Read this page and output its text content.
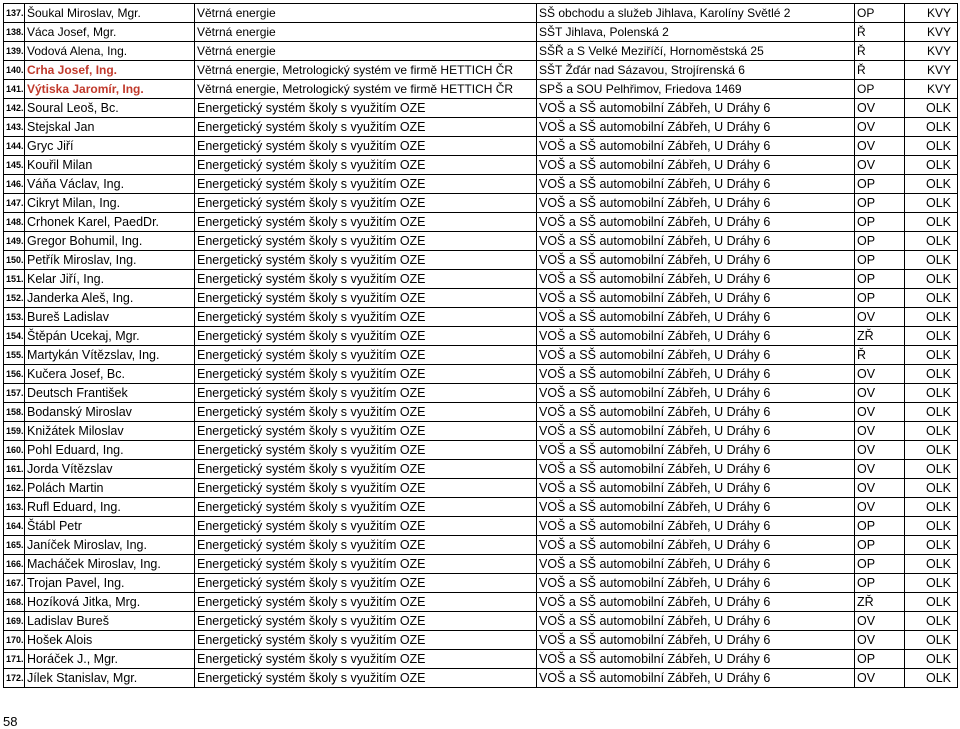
137.	Šoukal Miroslav, Mgr.	Větrná energie	SŠ obchodu a služeb Jihlava, Karolíny Světlé 2	OP	KVY
138.	Váca Josef, Mgr.	Větrná energie	SŠT Jihlava, Polenská 2	Ř	KVY
139.	Vodová Alena, Ing.	Větrná energie	SŠŘ a S Velké Meziříčí, Hornoměstská 25	Ř	KVY
140.	Crha Josef, Ing.	Větrná energie, Metrologický systém ve firmě HETTICH ČR	SŠT Žďár nad Sázavou, Strojírenská 6	Ř	KVY
141.	Výtiska Jaromír, Ing.	Větrná energie, Metrologický systém ve firmě HETTICH ČR	SPŠ a SOU Pelhřimov, Friedova 1469	OP	KVY
142.	Soural Leoš, Bc.	Energetický systém školy s využitím OZE	VOŠ a SŠ automobilní Zábřeh, U Dráhy 6	OV	OLK
143.	Stejskal Jan	Energetický systém školy s využitím OZE	VOŠ a SŠ automobilní Zábřeh, U Dráhy 6	OV	OLK
144.	Gryc Jiří	Energetický systém školy s využitím OZE	VOŠ a SŠ automobilní Zábřeh, U Dráhy 6	OV	OLK
145.	Kouřil Milan	Energetický systém školy s využitím OZE	VOŠ a SŠ automobilní Zábřeh, U Dráhy 6	OV	OLK
146.	Váňa Václav, Ing.	Energetický systém školy s využitím OZE	VOŠ a SŠ automobilní Zábřeh, U Dráhy 6	OP	OLK
147.	Cikryt Milan, Ing.	Energetický systém školy s využitím OZE	VOŠ a SŠ automobilní Zábřeh, U Dráhy 6	OP	OLK
148.	Crhonek Karel, PaedDr.	Energetický systém školy s využitím OZE	VOŠ a SŠ automobilní Zábřeh, U Dráhy 6	OP	OLK
149.	Gregor Bohumil, Ing.	Energetický systém školy s využitím OZE	VOŠ a SŠ automobilní Zábřeh, U Dráhy 6	OP	OLK
150.	Petřík Miroslav, Ing.	Energetický systém školy s využitím OZE	VOŠ a SŠ automobilní Zábřeh, U Dráhy 6	OP	OLK
151.	Kelar Jiří, Ing.	Energetický systém školy s využitím OZE	VOŠ a SŠ automobilní Zábřeh, U Dráhy 6	OP	OLK
152.	Janderka Aleš, Ing.	Energetický systém školy s využitím OZE	VOŠ a SŠ automobilní Zábřeh, U Dráhy 6	OP	OLK
153.	Bureš Ladislav	Energetický systém školy s využitím OZE	VOŠ a SŠ automobilní Zábřeh, U Dráhy 6	OV	OLK
154.	Štěpán Ucekaj, Mgr.	Energetický systém školy s využitím OZE	VOŠ a SŠ automobilní Zábřeh, U Dráhy 6	ZŘ	OLK
155.	Martykán Vítězslav, Ing.	Energetický systém školy s využitím OZE	VOŠ a SŠ automobilní Zábřeh, U Dráhy 6	Ř	OLK
156.	Kučera Josef, Bc.	Energetický systém školy s využitím OZE	VOŠ a SŠ automobilní Zábřeh, U Dráhy 6	OV	OLK
157.	Deutsch František	Energetický systém školy s využitím OZE	VOŠ a SŠ automobilní Zábřeh, U Dráhy 6	OV	OLK
158.	Bodanský Miroslav	Energetický systém školy s využitím OZE	VOŠ a SŠ automobilní Zábřeh, U Dráhy 6	OV	OLK
159.	Knižátek Miloslav	Energetický systém školy s využitím OZE	VOŠ a SŠ automobilní Zábřeh, U Dráhy 6	OV	OLK
160.	Pohl Eduard, Ing.	Energetický systém školy s využitím OZE	VOŠ a SŠ automobilní Zábřeh, U Dráhy 6	OV	OLK
161.	Jorda Vítězslav	Energetický systém školy s využitím OZE	VOŠ a SŠ automobilní Zábřeh, U Dráhy 6	OV	OLK
162.	Polách Martin	Energetický systém školy s využitím OZE	VOŠ a SŠ automobilní Zábřeh, U Dráhy 6	OV	OLK
163.	Rufl Eduard, Ing.	Energetický systém školy s využitím OZE	VOŠ a SŠ automobilní Zábřeh, U Dráhy 6	OV	OLK
164.	Štábl Petr	Energetický systém školy s využitím OZE	VOŠ a SŠ automobilní Zábřeh, U Dráhy 6	OP	OLK
165.	Janíček Miroslav, Ing.	Energetický systém školy s využitím OZE	VOŠ a SŠ automobilní Zábřeh, U Dráhy 6	OP	OLK
166.	Macháček Miroslav, Ing.	Energetický systém školy s využitím OZE	VOŠ a SŠ automobilní Zábřeh, U Dráhy 6	OP	OLK
167.	Trojan Pavel, Ing.	Energetický systém školy s využitím OZE	VOŠ a SŠ automobilní Zábřeh, U Dráhy 6	OP	OLK
168.	Hozíková Jitka, Mrg.	Energetický systém školy s využitím OZE	VOŠ a SŠ automobilní Zábřeh, U Dráhy 6	ZŘ	OLK
169.	Ladislav Bureš	Energetický systém školy s využitím OZE	VOŠ a SŠ automobilní Zábřeh, U Dráhy 6	OV	OLK
170.	Hošek Alois	Energetický systém školy s využitím OZE	VOŠ a SŠ automobilní Zábřeh, U Dráhy 6	OV	OLK
171.	Horáček J., Mgr.	Energetický systém školy s využitím OZE	VOŠ a SŠ automobilní Zábřeh, U Dráhy 6	OP	OLK
172.	Jílek Stanislav, Mgr.	Energetický systém školy s využitím OZE	VOŠ a SŠ automobilní Zábřeh, U Dráhy 6	OV	OLK
58
